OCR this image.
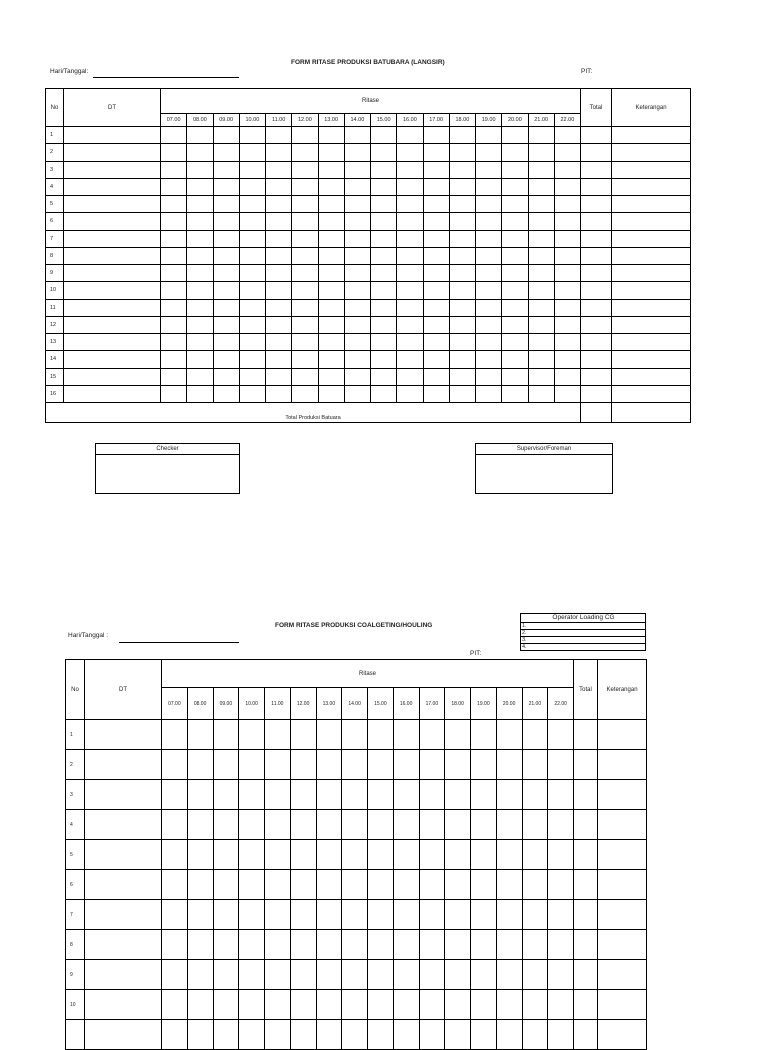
FORM RITASE PRODUKSI BATUBARA (LANGSIR)
Hari/Tanggal:	PIT:
No	DT	Ritase																Total	Keterangan
		07.00	08.00	09.00	10.00	11.00	12.00	13.00	14.00	15.00	16.00	17.00	18.00	19.00	20.00	21.00	22.00		
1																			
2																			
3																			
4																			
5																			
6																			
7																			
8																			
9																			
10																			
11																			
12																			
13																			
14																			
15																			
16																			
Total Produksi Batuara																			
Checker	Supervisor/Foreman
FORM RITASE PRODUKSI COALGETING/HOULING
Hari/Tanggal :
PIT:
Operator Loading CG
1.
2.
3.
4.
No	DT	Ritase																Total	Keterangan
		07.00	08.00	09.00	10.00	11.00	12.00	13.00	14.00	15.00	16.00	17.00	18.00	19.00	20.00	21.00	22.00		
1																			
2																			
3																			
4																			
5																			
6																			
7																			
8																			
9																			
10																			
